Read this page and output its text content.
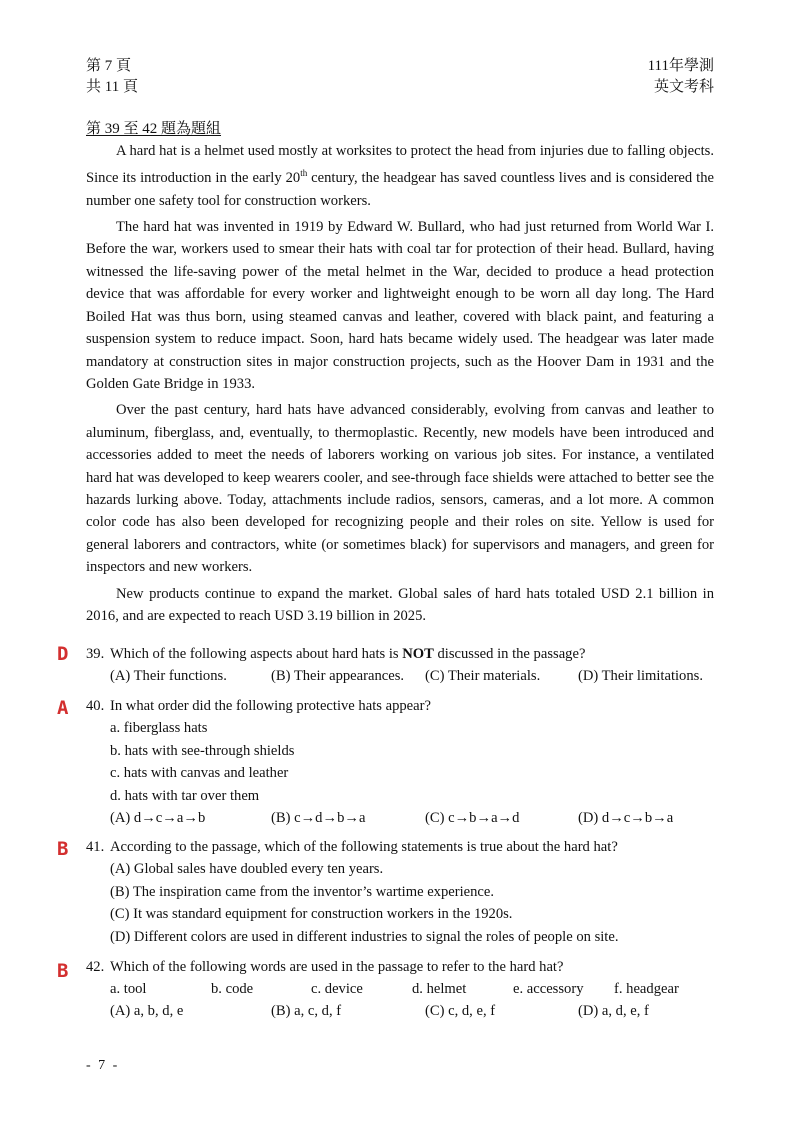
第 7 頁
共 11 頁
111年學測
英文考科
第 39 至 42 題為題組

A hard hat is a helmet used mostly at worksites to protect the head from injuries due to falling objects. Since its introduction in the early 20th century, the headgear has saved countless lives and is considered the number one safety tool for construction workers.

The hard hat was invented in 1919 by Edward W. Bullard, who had just returned from World War I. Before the war, workers used to smear their hats with coal tar for protection of their head. Bullard, having witnessed the life-saving power of the metal helmet in the War, decided to produce a head protection device that was affordable for every worker and lightweight enough to be worn all day long. The Hard Boiled Hat was thus born, using steamed canvas and leather, covered with black paint, and featuring a suspension system to reduce impact. Soon, hard hats became widely used. The headgear was later made mandatory at construction sites in major construction projects, such as the Hoover Dam in 1931 and the Golden Gate Bridge in 1933.

Over the past century, hard hats have advanced considerably, evolving from canvas and leather to aluminum, fiberglass, and, eventually, to thermoplastic. Recently, new models have been introduced and accessories added to meet the needs of laborers working on various job sites. For instance, a ventilated hard hat was developed to keep wearers cooler, and see-through face shields were attached to better see the hazards lurking above. Today, attachments include radios, sensors, cameras, and a lot more. A common color code has also been developed for recognizing people and their roles on site. Yellow is used for general laborers and contractors, white (or sometimes black) for supervisors and managers, and green for inspectors and new workers.

New products continue to expand the market. Global sales of hard hats totaled USD 2.1 billion in 2016, and are expected to reach USD 3.19 billion in 2025.

D 39. Which of the following aspects about hard hats is NOT discussed in the passage?
(A) Their functions.	(B) Their appearances. (C) Their materials.	(D) Their limitations.
A 40. In what order did the following protective hats appear?
a. fiberglass hats
b. hats with see-through shields
c. hats with canvas and leather
d. hats with tar over them
(A) d→c→a→b	(B) c→d→b→a	(C) c→b→a→d	(D) d→c→b→a
B 41. According to the passage, which of the following statements is true about the hard hat?
(A) Global sales have doubled every ten years.
(B) The inspiration came from the inventor’s wartime experience.
(C) It was standard equipment for construction workers in the 1920s.
(D) Different colors are used in different industries to signal the roles of people on site.
B 42. Which of the following words are used in the passage to refer to the hard hat?
a. tool	b. code	c. device	d. helmet	e. accessory f. headgear
(A) a, b, d, e	(B) a, c, d, f	(C) c, d, e, f	(D) a, d, e, f
- 7 -
